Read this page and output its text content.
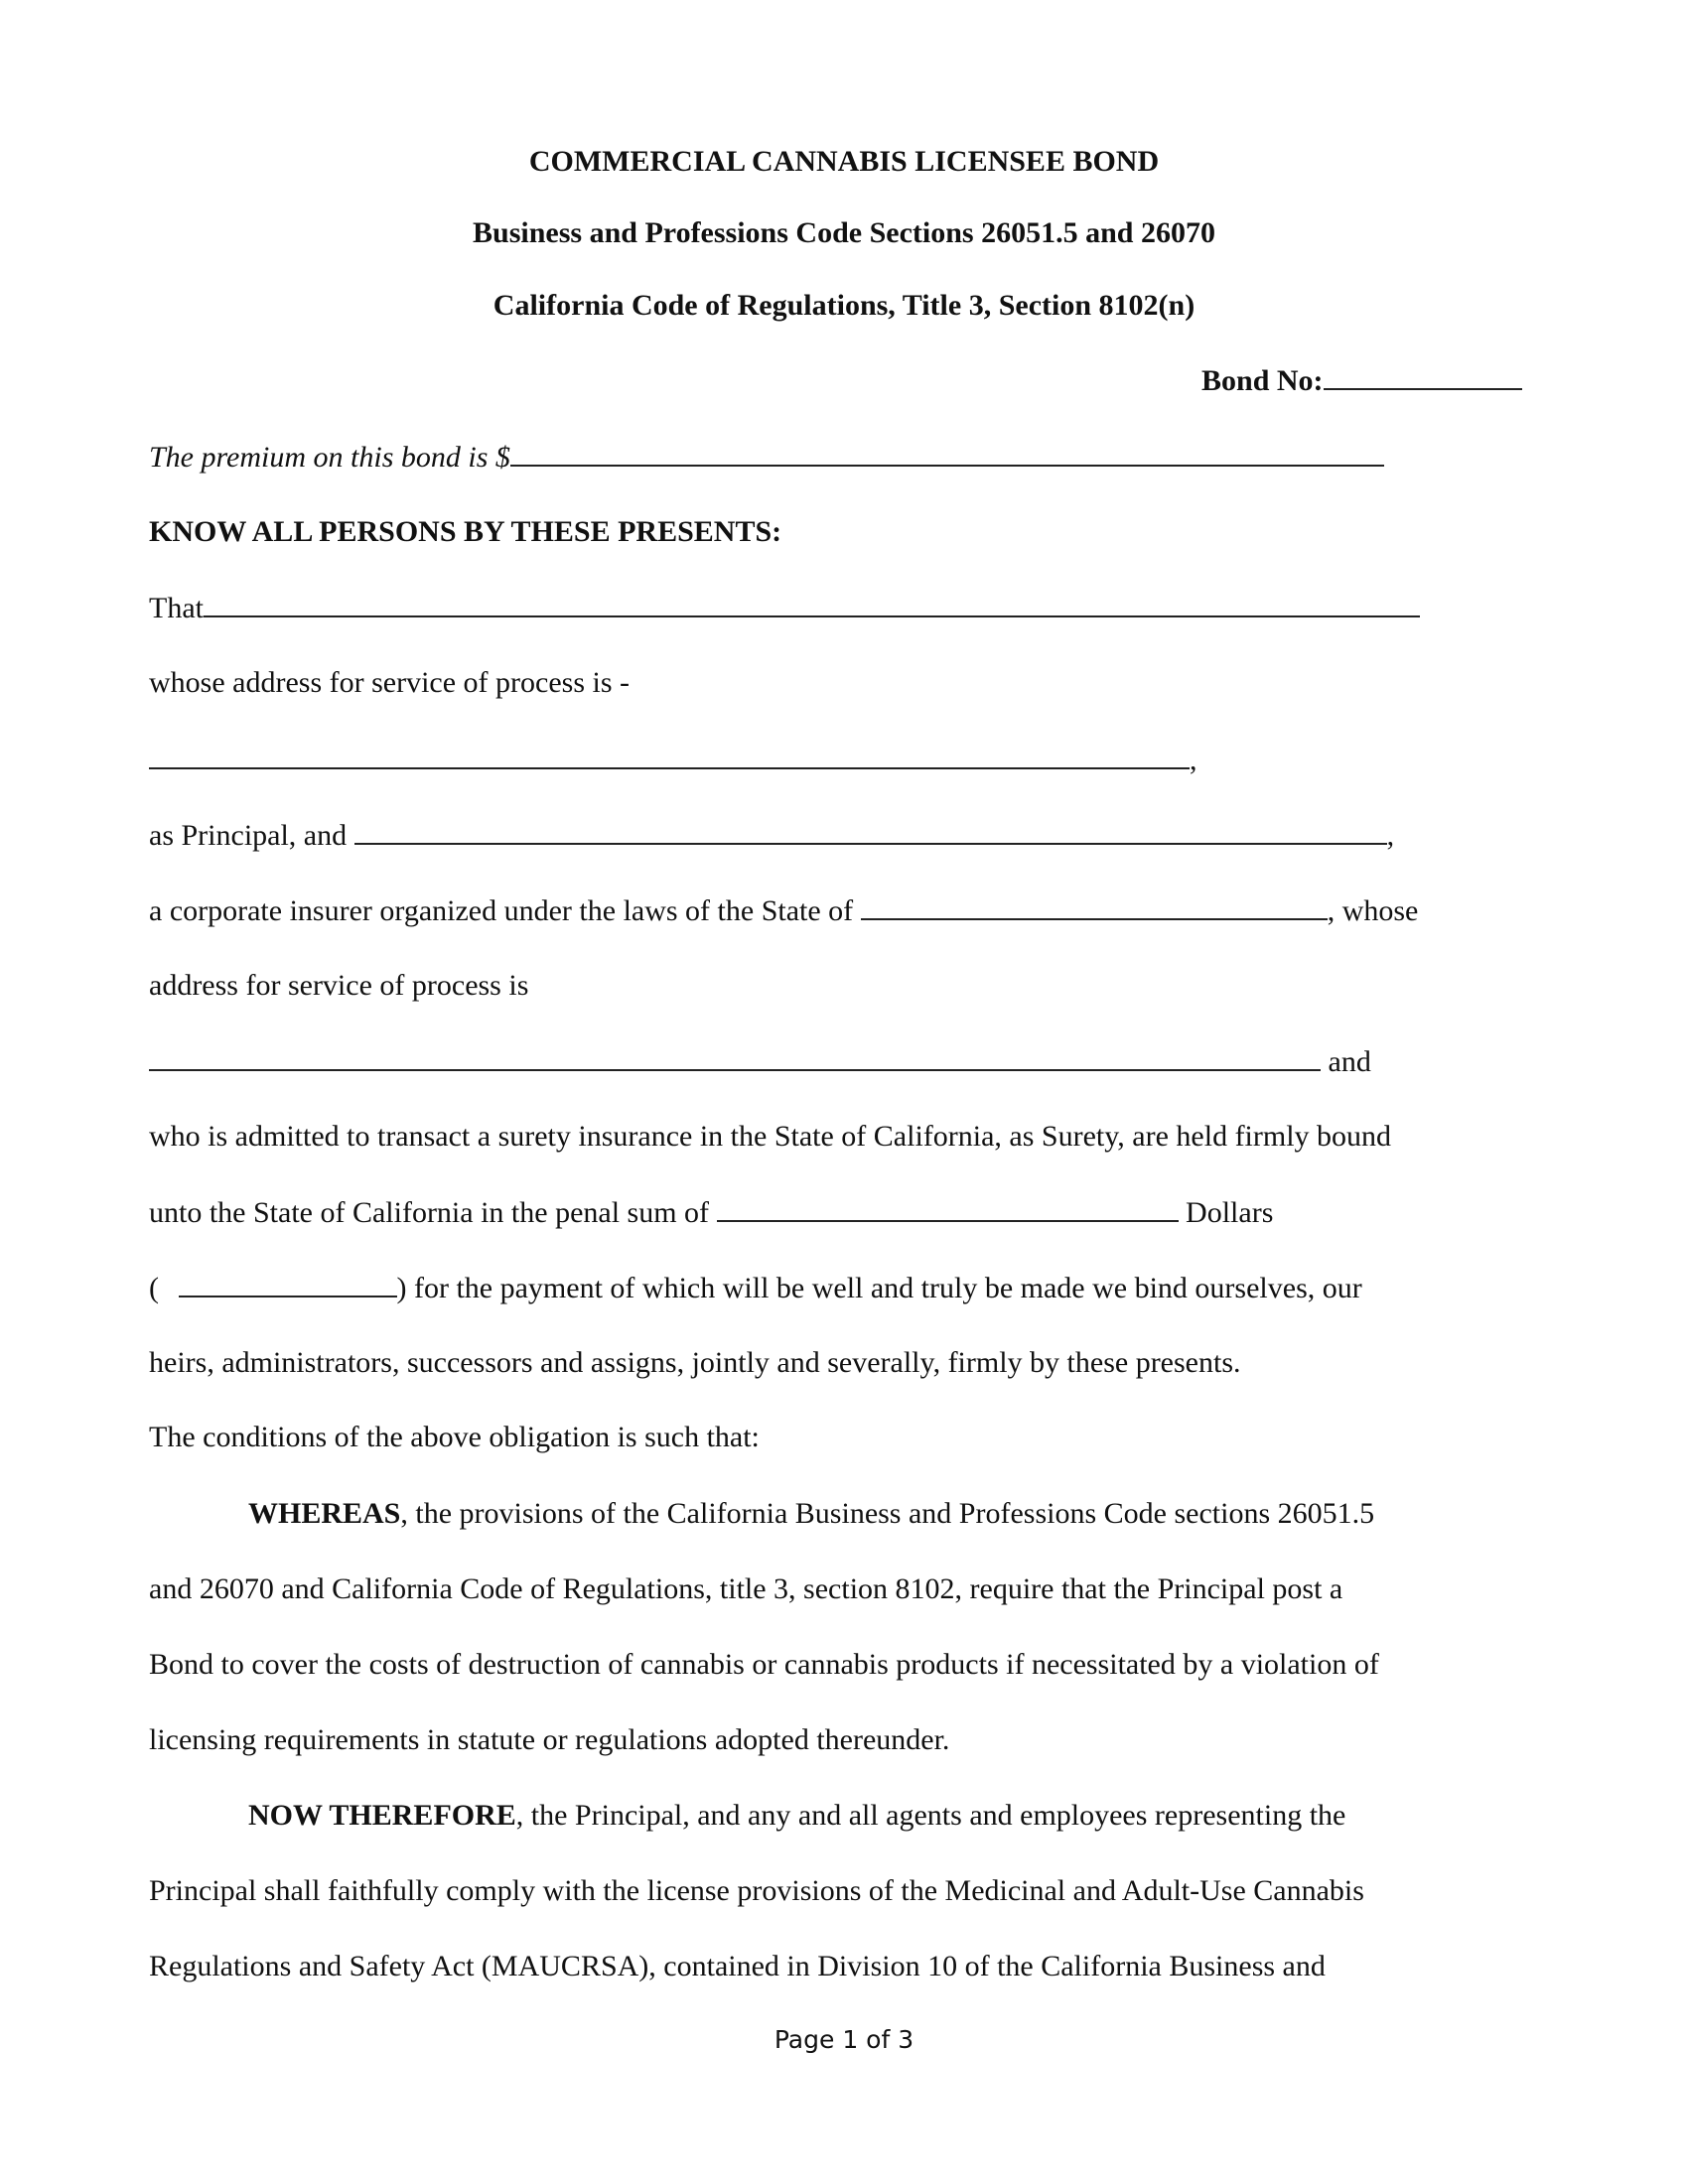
COMMERCIAL CANNABIS LICENSEE BOND
Business and Professions Code Sections 26051.5 and 26070
California Code of Regulations, Title 3, Section 8102(n)
Bond No:
The premium on this bond is $
KNOW ALL PERSONS BY THESE PRESENTS:
That
whose address for service of process is -
,
as Principal, and	,
a corporate insurer organized under the laws of the State of	, whose
address for service of process is
and
who is admitted to transact a surety insurance in the State of California, as Surety, are held firmly bound
unto the State of California in the penal sum of	Dollars
(	) for the payment of which will be well and truly be made we bind ourselves, our
heirs, administrators, successors and assigns, jointly and severally, firmly by these presents.
The conditions of the above obligation is such that:
WHEREAS, the provisions of the California Business and Professions Code sections 26051.5
and 26070 and California Code of Regulations, title 3, section 8102, require that the Principal post a
Bond to cover the costs of destruction of cannabis or cannabis products if necessitated by a violation of
licensing requirements in statute or regulations adopted thereunder.
NOW THEREFORE, the Principal, and any and all agents and employees representing the
Principal shall faithfully comply with the license provisions of the Medicinal and Adult-Use Cannabis
Regulations and Safety Act (MAUCRSA), contained in Division 10 of the California Business and
Page 1 of 3
